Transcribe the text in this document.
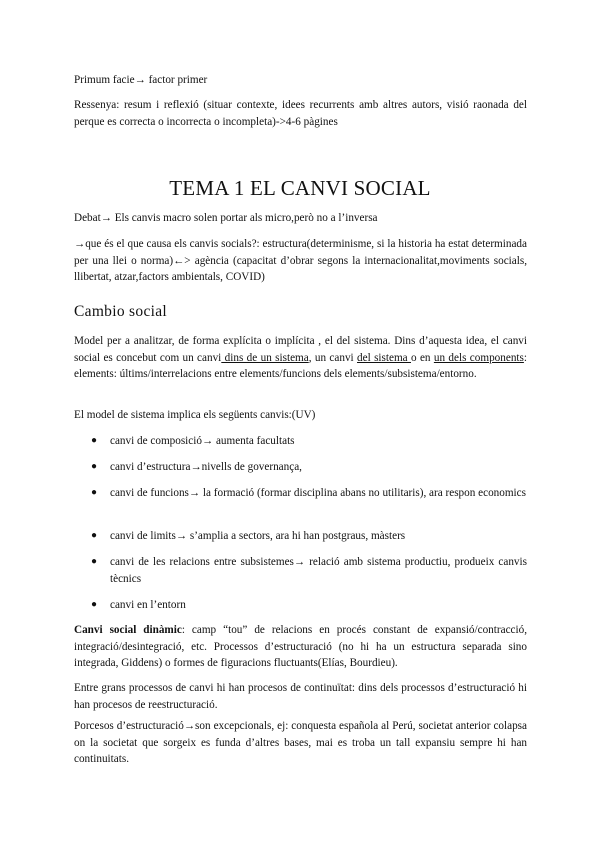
Primum facie→ factor primer

Ressenya: resum i reflexió (situar contexte, idees recurrents amb altres autors, visió raonada del perque es correcta o incorrecta o incompleta)->4-6 pàgines

TEMA 1 EL CANVI SOCIAL

Debat→ Els canvis macro solen portar als micro,però no a l’inversa

→que és el que causa els canvis socials?: estructura(determinisme, si la historia ha estat determinada per una llei o norma)←> agència (capacitat d’obrar segons la internacionalitat,moviments socials, llibertat, atzar,factors ambientals, COVID)

Cambio social

Model per a analitzar, de forma explícita o implícita , el del sistema. Dins d’aquesta idea, el canvi social es concebut com un canvi dins de un sistema, un canvi del sistema o en un dels components: elements: últims/interrelacions entre elements/funcions dels elements/subsistema/entorno.

El model de sistema implica els següents canvis:(UV)

● canvi de composició→ aumenta facultats
● canvi d’estructura→nivells de governança,
● canvi de funcions→ la formació (formar disciplina abans no utilitaris), ara respon economics
● canvi de limits→ s’amplia a sectors, ara hi han postgraus, màsters
● canvi de les relacions entre subsistemes→ relació amb sistema productiu, produeix canvis tècnics
● canvi en l’entorn

Canvi social dinàmic: camp “tou” de relacions en procés constant de expansió/contracció, integració/desintegració, etc. Processos d’estructuració (no hi ha un estructura separada sino integrada, Giddens) o formes de figuracions fluctuants(Elías, Bourdieu).

Entre grans processos de canvi hi han procesos de continuïtat: dins dels processos d’estructuració hi han procesos de reestructuració.

Porcesos d’estructuració→son excepcionals, ej: conquesta española al Perú, societat anterior colapsa on la societat que sorgeix es funda d’altres bases, mai es troba un tall expansiu sempre hi han continuitats.
